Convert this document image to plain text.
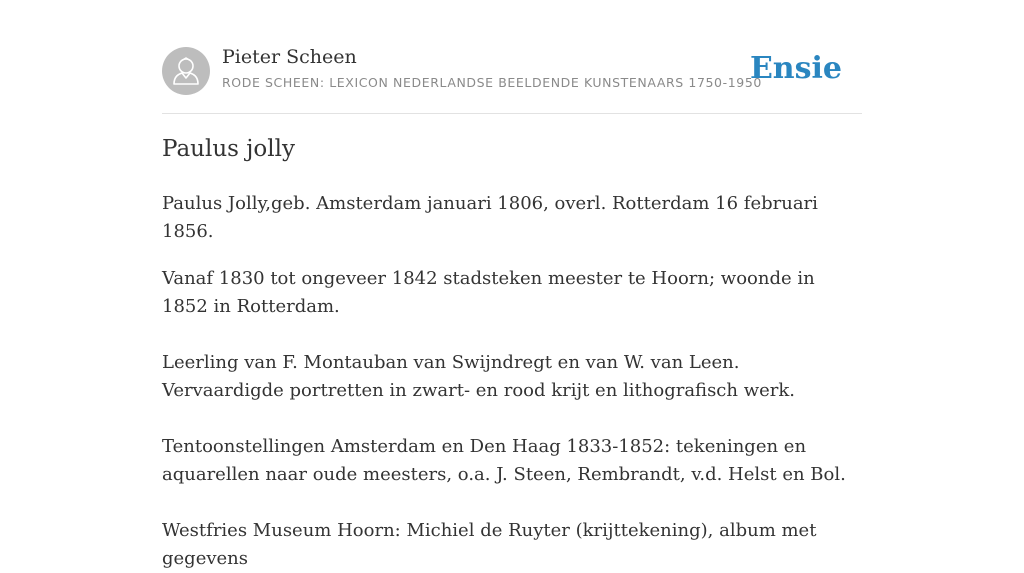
Pieter Scheen
RODE SCHEEN: LEXICON NEDERLANDSE BEELDENDE KUNSTENAARS 1750-1950
Ensie
Paulus jolly

Paulus Jolly,geb. Amsterdam januari 1806, overl. Rotterdam 16 februari 1856.

Vanaf 1830 tot ongeveer 1842 stadsteken meester te Hoorn; woonde in 1852 in Rotterdam.

Leerling van F. Montauban van Swijndregt en van W. van Leen. Vervaardigde portretten in zwart- en rood krijt en lithografisch werk.

Tentoonstellingen Amsterdam en Den Haag 1833-1852: tekeningen en aquarellen naar oude meesters, o.a. J. Steen, Rembrandt, v.d. Helst en Bol.

Westfries Museum Hoorn: Michiel de Ruyter (krijttekening), album met gegevens
